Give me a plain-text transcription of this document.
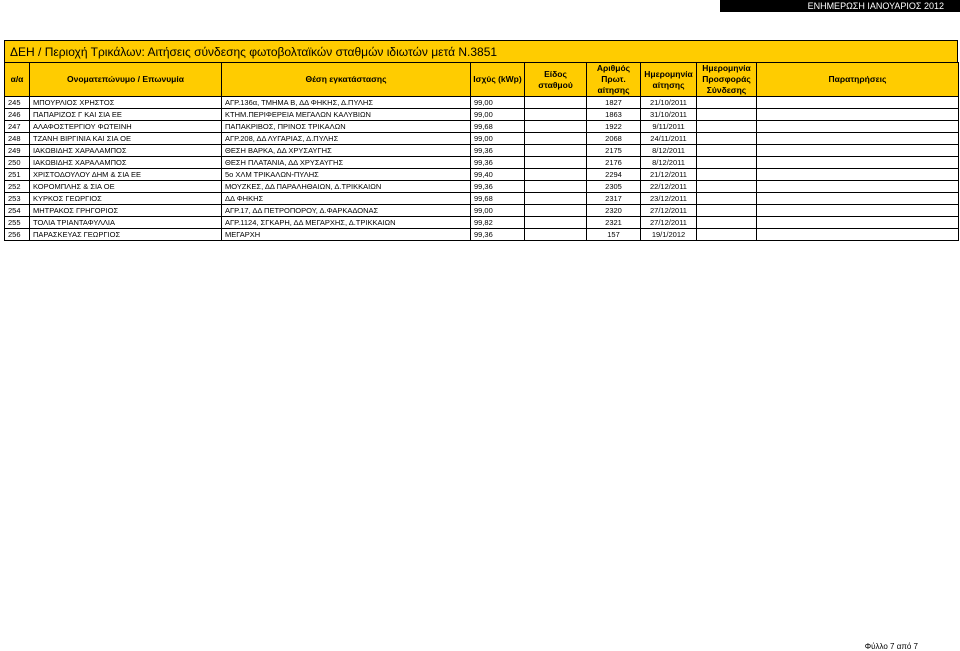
ΕΝΗΜΕΡΩΣΗ ΙΑΝΟΥΑΡΙΟΣ 2012
ΔΕΗ / Περιοχή Τρικάλων: Αιτήσεις σύνδεσης φωτοβολταϊκών σταθμών ιδιωτών μετά Ν.3851
α/α	Ονοματεπώνυμο / Επωνυμία	Θέση εγκατάστασης	Ισχύς (kWp)	Είδος σταθμού	Αριθμός Πρωτ. αίτησης	Ημερομηνία αίτησης	Ημερομηνία Προσφοράς Σύνδεσης	Παρατηρήσεις
245	ΜΠΟΥΡΛΙΟΣ ΧΡΗΣΤΟΣ	ΑΓΡ.136α, ΤΜΗΜΑ Β, ΔΔ ΦΗΚΗΣ, Δ.ΠΥΛΗΣ	99,00		1827	21/10/2011		
246	ΠΑΠΑΡΙΖΟΣ Γ ΚΑΙ ΣΙΑ ΕΕ	ΚΤΗΜ.ΠΕΡΙΦΕΡΕΙΑ ΜΕΓΑΛΩΝ ΚΑΛΥΒΙΩΝ	99,00		1863	31/10/2011		
247	ΑΛΑΦΟΣΤΕΡΓΙΟΥ ΦΩΤΕΙΝΗ	ΠΑΠΑΚΡΙΒΟΣ, ΠΡΙΝΟΣ ΤΡΙΚΑΛΩΝ	99,68		1922	9/11/2011		
248	ΤΖΑΝΗ ΒΙΡΓΙΝΙΑ ΚΑΙ ΣΙΑ ΟΕ	ΑΓΡ.208, ΔΔ ΛΥΓΑΡΙΑΣ, Δ.ΠΥΛΗΣ	99,00		2068	24/11/2011		
249	ΙΑΚΩΒΙΔΗΣ ΧΑΡΑΛΑΜΠΟΣ	ΘΕΣΗ ΒΑΡΚΑ, ΔΔ ΧΡΥΣΑΥΓΗΣ	99,36		2175	8/12/2011		
250	ΙΑΚΩΒΙΔΗΣ ΧΑΡΑΛΑΜΠΟΣ	ΘΕΣΗ ΠΛΑΤΑΝΙΑ, ΔΔ ΧΡΥΣΑΥΓΗΣ	99,36		2176	8/12/2011		
251	ΧΡΙΣΤΟΔΟΥΛΟΥ ΔΗΜ & ΣΙΑ ΕΕ	5ο ΧΛΜ ΤΡΙΚΑΛΩΝ-ΠΥΛΗΣ	99,40		2294	21/12/2011		
252	ΚΟΡΟΜΠΛΗΣ & ΣΙΑ ΟΕ	ΜΟΥΖΚΕΣ, ΔΔ ΠΑΡΑΛΗΘΑΙΩΝ, Δ.ΤΡΙΚΚΑΙΩΝ	99,36		2305	22/12/2011		
253	ΚΥΡΚΟΣ ΓΕΩΡΓΙΟΣ	ΔΔ ΦΗΚΗΣ	99,68		2317	23/12/2011		
254	ΜΗΤΡΑΚΟΣ ΓΡΗΓΟΡΙΟΣ	ΑΓΡ.17, ΔΔ ΠΕΤΡΟΠΟΡΟΥ, Δ.ΦΑΡΚΑΔΟΝΑΣ	99,00		2320	27/12/2011		
255	ΤΟΛΙΑ ΤΡΙΑΝΤΑΦΥΛΛΙΑ	ΑΓΡ.1124, ΣΓΚΑΡΗ, ΔΔ ΜΕΓΑΡΧΗΣ, Δ.ΤΡΙΚΚΑΙΩΝ	99,82		2321	27/12/2011		
256	ΠΑΡΑΣΚΕΥΑΣ ΓΕΩΡΓΙΟΣ	ΜΕΓΑΡΧΗ	99,36		157	19/1/2012		
Φύλλο 7 από 7
